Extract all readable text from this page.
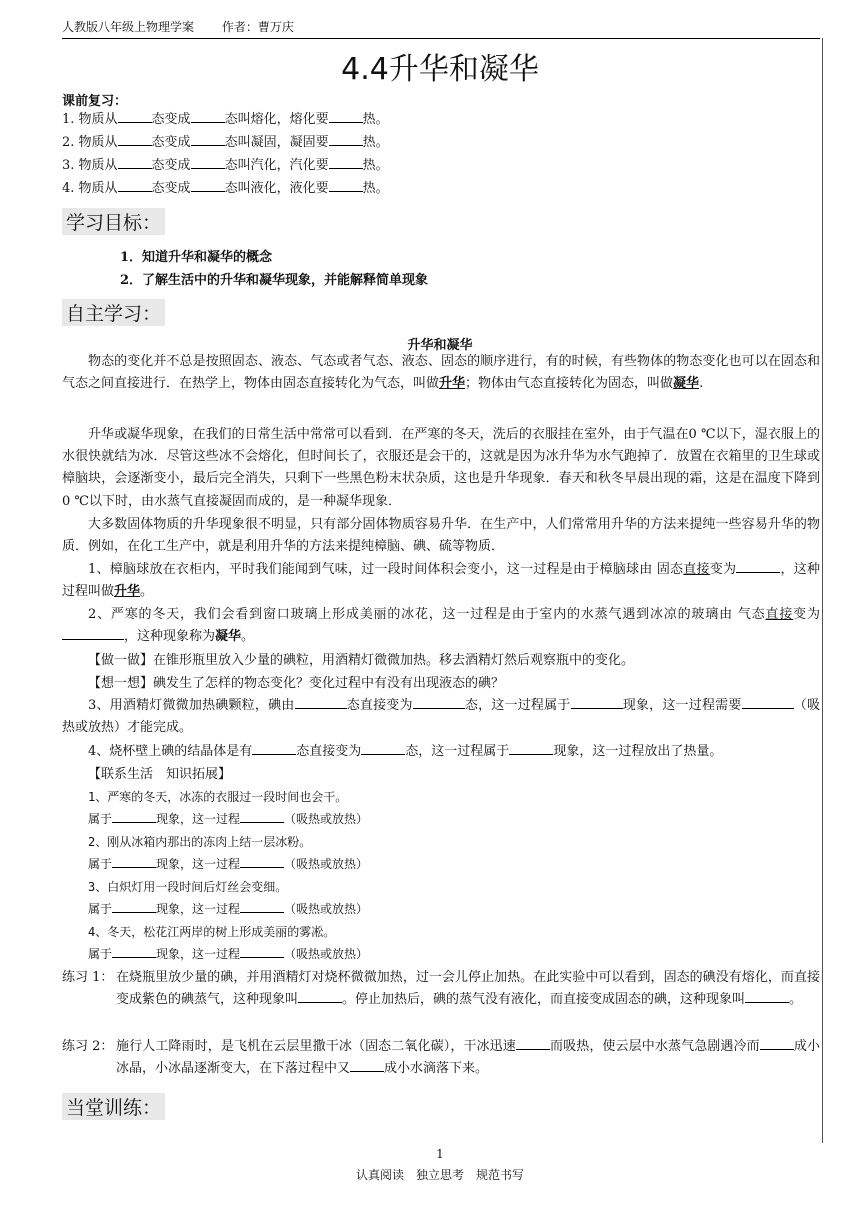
人教版八年级上物理学案 作者：曹万庆
4.4升华和凝华
课前复习：
1. 物质从	态变成	态叫熔化，熔化要	热。
2. 物质从	态变成	态叫凝固，凝固要	热。
3. 物质从	态变成	态叫汽化，汽化要	热。
4. 物质从	态变成	态叫液化，液化要	热。
学习目标：
1．知道升华和凝华的概念
2．了解生活中的升华和凝华现象，并能解释简单现象
自主学习：
升华和凝华
物态的变化并不总是按照固态、液态、气态或者气态、液态、固态的顺序进行，有的时候，有些物体的物态变化也可以在固态和气态之间直接进行．在热学上，物体由固态直接转化为气态，叫做升华；物体由气态直接转化为固态，叫做凝华.
升华或凝华现象，在我们的日常生活中常常可以看到．在严寒的冬天，洗后的衣服挂在室外，由于气温在0 ℃以下，湿衣服上的水很快就结为冰．尽管这些冰不会熔化，但时间长了，衣服还是会干的，这就是因为冰升华为水气跑掉了．放置在衣箱里的卫生球或樟脑块，会逐渐变小，最后完全消失，只剩下一些黑色粉末状杂质，这也是升华现象．春天和秋冬早晨出现的霜，这是在温度下降到0 ℃以下时，由水蒸气直接凝固而成的，是一种凝华现象．
大多数固体物质的升华现象很不明显，只有部分固体物质容易升华．在生产中，人们常常用升华的方法来提纯一些容易升华的物质．例如，在化工生产中，就是利用升华的方法来提纯樟脑、碘、硫等物质．
1、樟脑球放在衣柜内，平时我们能闻到气味，过一段时间体积会变小，这一过程是由于樟脑球由 固态直接变为	，这种过程叫做升华。
2、严寒的冬天，我们会看到窗口玻璃上形成美丽的冰花，这一过程是由于室内的水蒸气遇到冰凉的玻璃由 气态直接变为，这种现象称为凝华。
【做一做】在锥形瓶里放入少量的碘粒，用酒精灯微微加热。移去酒精灯然后观察瓶中的变化。
【想一想】碘发生了怎样的物态变化？变化过程中有没有出现液态的碘？
3、用酒精灯微微加热碘颗粒，碘由	态直接变为	态，这一过程属于	现象，这一过程需要	（吸热或放热）才能完成。
4、烧杯壁上碘的结晶体是有	态直接变为	态，这一过程属于	现象，这一过程放出了热量。
【联系生活　知识拓展】
1、严寒的冬天，冰冻的衣服过一段时间也会干。
属于	现象，这一过程	（吸热或放热）
2、刚从冰箱内那出的冻肉上结一层冰粉。
属于	现象，这一过程	（吸热或放热）
3、白炽灯用一段时间后灯丝会变细。
属于	现象，这一过程	（吸热或放热）
4、冬天，松花江两岸的树上形成美丽的雾凇。
属于	现象，这一过程	（吸热或放热）
练习 1： 在烧瓶里放少量的碘，并用酒精灯对烧杯微微加热，过一会儿停止加热。在此实验中可以看到，固态的碘没有熔化，而直接变成紫色的碘蒸气，这种现象叫	。停止加热后，碘的蒸气没有液化，而直接变成固态的碘，这种现象叫	。
练习 2： 施行人工降雨时，是飞机在云层里撒干冰（固态二氧化碳），干冰迅速	而吸热，使云层中水蒸气急剧遇冷而	成小冰晶，小冰晶逐渐变大，在下落过程中又	成小水滴落下来。
当堂训练：
1
认真阅读　独立思考　规范书写
